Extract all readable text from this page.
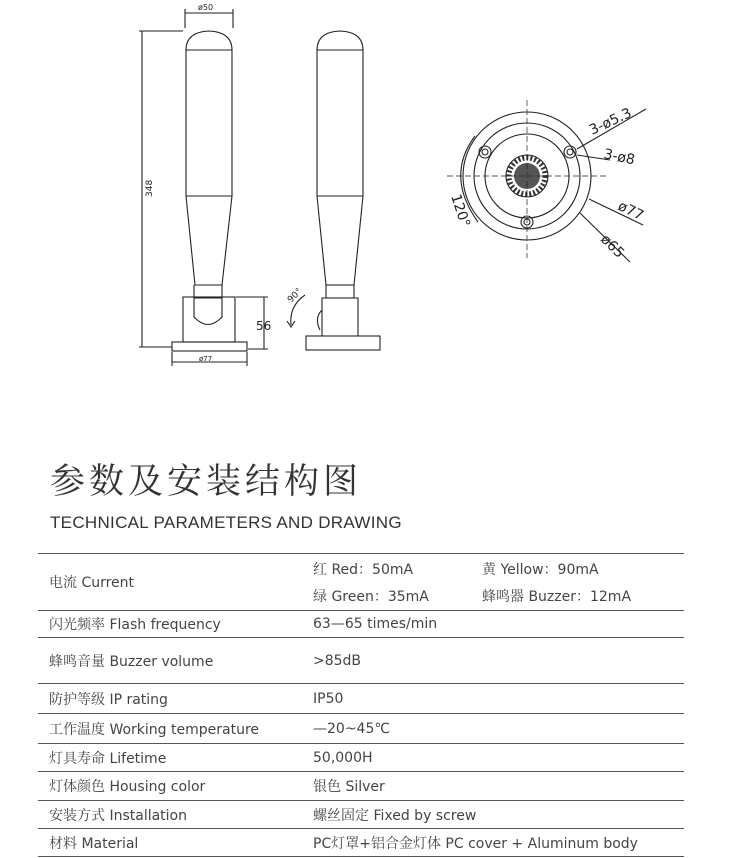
ø50
348
56
ø77
90°
3-ø5.3
3-ø8
ø77
ø65
120°
参数及安装结构图

TECHNICAL PARAMETERS AND DRAWING

电流 Current	红 Red：50mA 黄 Yellow：90mA
绿 Green：35mA 蜂鸣器 Buzzer：12mA

闪光频率 Flash frequency	63—65 times/min
蜂鸣音量 Buzzer volume	>85dB
防护等级 IP rating	IP50
工作温度 Working temperature	—20~45℃
灯具寿命 Lifetime	50,000H
灯体颜色 Housing color	银色 Silver
安装方式 Installation	螺丝固定 Fixed by screw
材料 Material	PC灯罩+铝合金灯体 PC cover + Aluminum body
